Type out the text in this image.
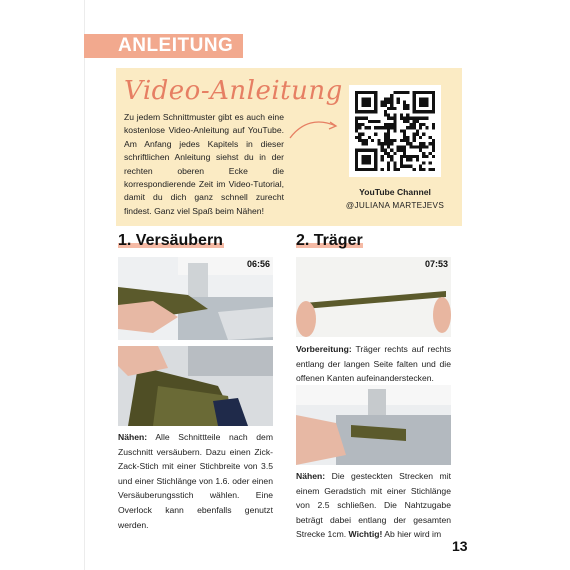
ANLEITUNG
Video-Anleitung
Zu jedem Schnittmuster gibt es auch eine kostenlose Video-Anleitung auf YouTube. Am Anfang jedes Kapitels in dieser schriftlichen Anleitung siehst du in der rechten oberen Ecke die korrespondierende Zeit im Video-Tutorial, damit du dich ganz schnell zurecht findest. Ganz viel Spaß beim Nähen!
YouTube Channel
@JULIANA MARTEJEVS
1. Versäubern
06:56
Nähen: Alle Schnittteile nach dem Zuschnitt versäubern. Dazu einen Zick-Zack-Stich mit einer Stichbreite von 3.5 und einer Stichlänge von 1.6. oder einen Versäuberungsstich wählen. Eine Overlock kann ebenfalls genutzt werden.
2. Träger
07:53
Vorbereitung: Träger rechts auf rechts entlang der langen Seite falten und die offenen Kanten aufeinanderstecken.
Nähen: Die gesteckten Strecken mit einem Geradstich mit einer Stichlänge von 2.5 schließen. Die Nahtzugabe beträgt dabei entlang der gesamten Strecke 1cm. Wichtig! Ab hier wird im
13
